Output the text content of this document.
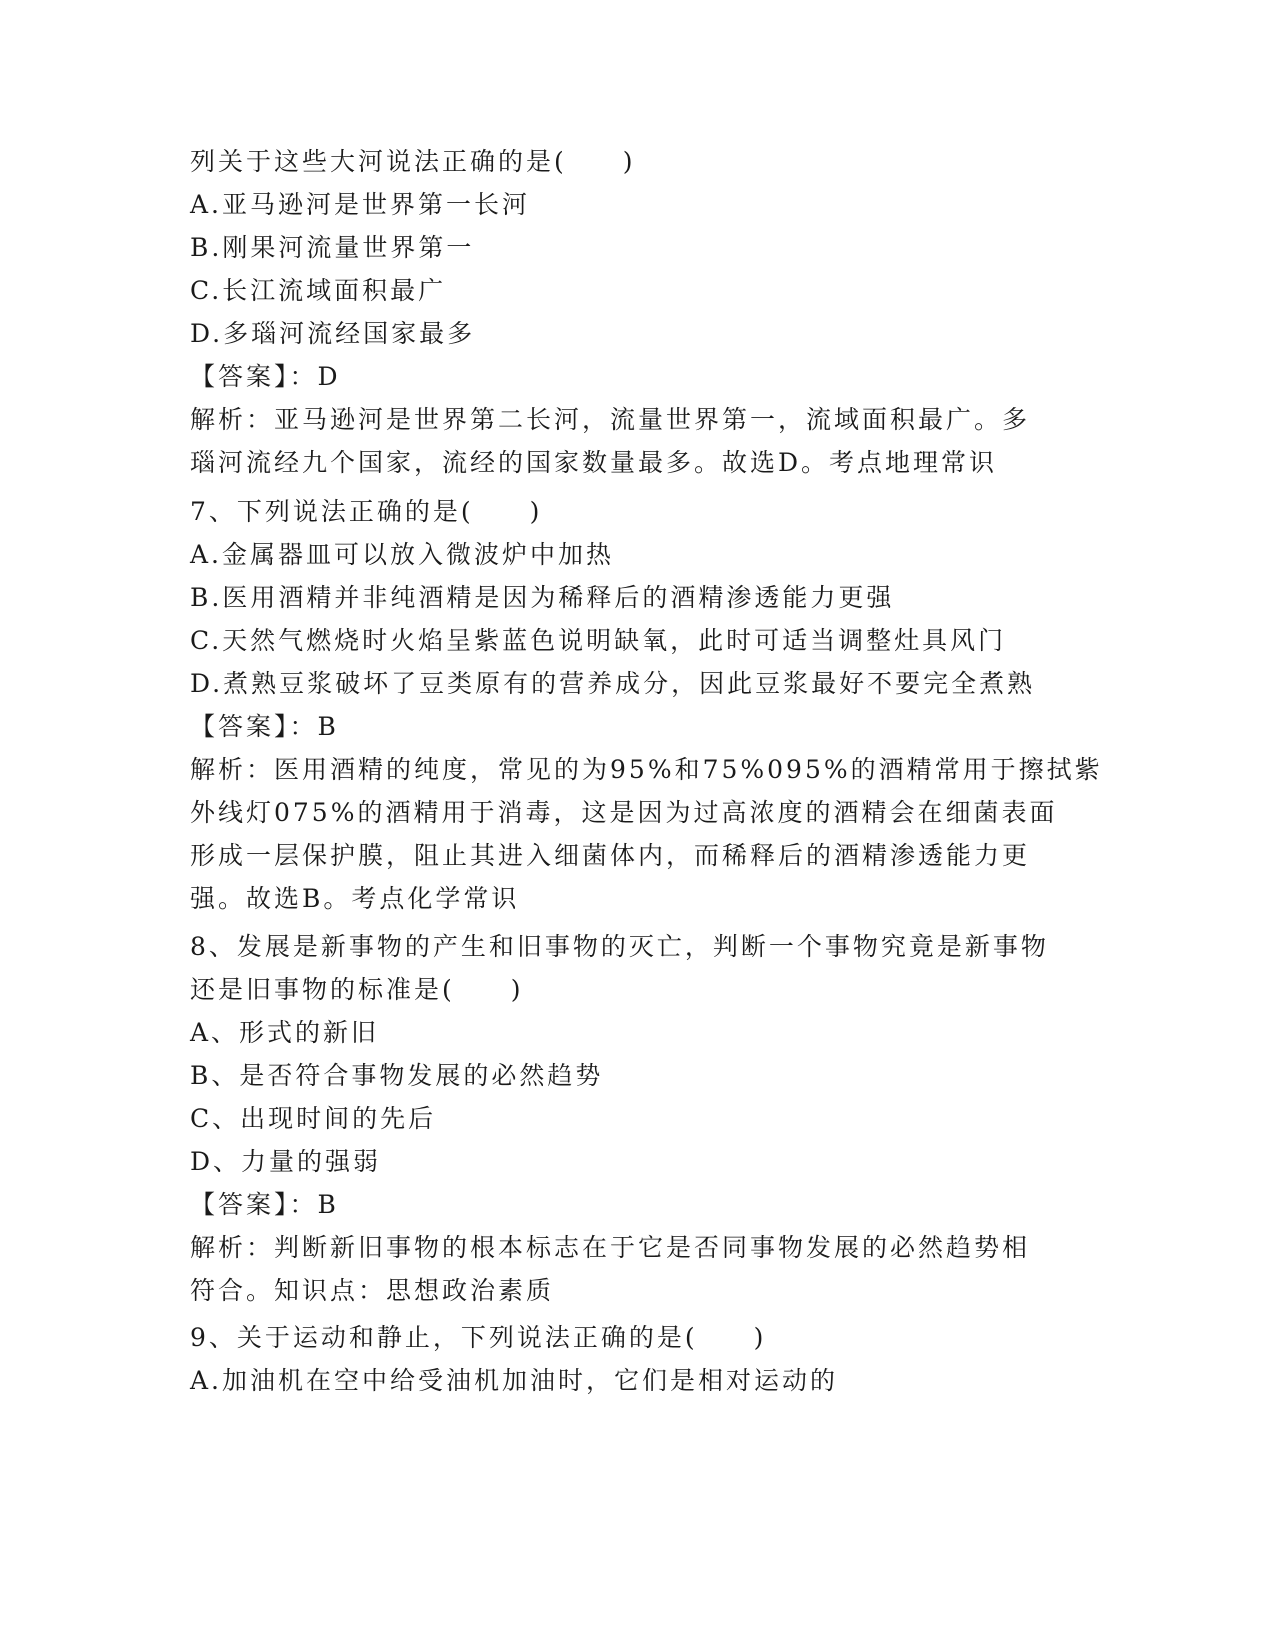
列关于这些大河说法正确的是(　　)
A.亚马逊河是世界第一长河
B.刚果河流量世界第一
C.长江流域面积最广
D.多瑙河流经国家最多
【答案】：D
解析：亚马逊河是世界第二长河，流量世界第一，流域面积最广。多
瑙河流经九个国家，流经的国家数量最多。故选D。考点地理常识
7、下列说法正确的是(　　)
A.金属器皿可以放入微波炉中加热
B.医用酒精并非纯酒精是因为稀释后的酒精渗透能力更强
C.天然气燃烧时火焰呈紫蓝色说明缺氧，此时可适当调整灶具风门
D.煮熟豆浆破坏了豆类原有的营养成分，因此豆浆最好不要完全煮熟
【答案】：B
解析：医用酒精的纯度，常见的为95%和75%095%的酒精常用于擦拭紫
外线灯075%的酒精用于消毒，这是因为过高浓度的酒精会在细菌表面
形成一层保护膜，阻止其进入细菌体内，而稀释后的酒精渗透能力更
强。故选B。考点化学常识
8、发展是新事物的产生和旧事物的灭亡，判断一个事物究竟是新事物
还是旧事物的标准是(　　)
A、形式的新旧
B、是否符合事物发展的必然趋势
C、出现时间的先后
D、力量的强弱
【答案】：B
解析：判断新旧事物的根本标志在于它是否同事物发展的必然趋势相
符合。知识点：思想政治素质
9、关于运动和静止，下列说法正确的是(　　)
A.加油机在空中给受油机加油时，它们是相对运动的
